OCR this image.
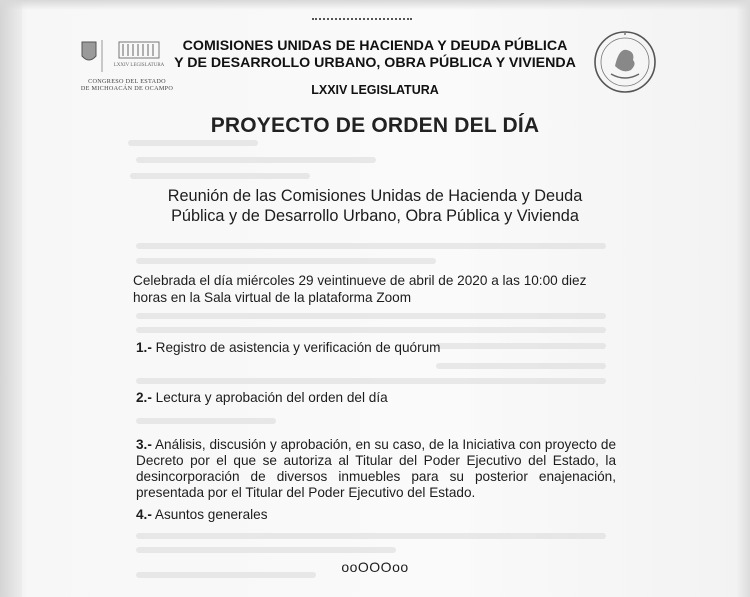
LXXIV LEGISLATURA
CONGRESO DEL ESTADO
DE MICHOACÁN DE OCAMPO
COMISIONES UNIDAS DE HACIENDA Y DEUDA PÚBLICA
Y DE DESARROLLO URBANO, OBRA PÚBLICA Y VIVIENDA
LXXIV LEGISLATURA
PROYECTO DE ORDEN DEL DÍA
Reunión de las Comisiones Unidas de Hacienda y Deuda
Pública y de Desarrollo Urbano, Obra Pública y Vivienda
Celebrada el día miércoles 29 veintinueve de abril de 2020 a las 10:00 diez
horas en la Sala virtual de la plataforma Zoom
1.- Registro de asistencia y verificación de quórum
2.- Lectura y aprobación del orden del día
3.- Análisis, discusión y aprobación, en su caso, de la Iniciativa con proyecto de Decreto por el que se autoriza al Titular del Poder Ejecutivo del Estado, la desincorporación de diversos inmuebles para su posterior enajenación, presentada por el Titular del Poder Ejecutivo del Estado.
4.- Asuntos generales
ooOOOoo
